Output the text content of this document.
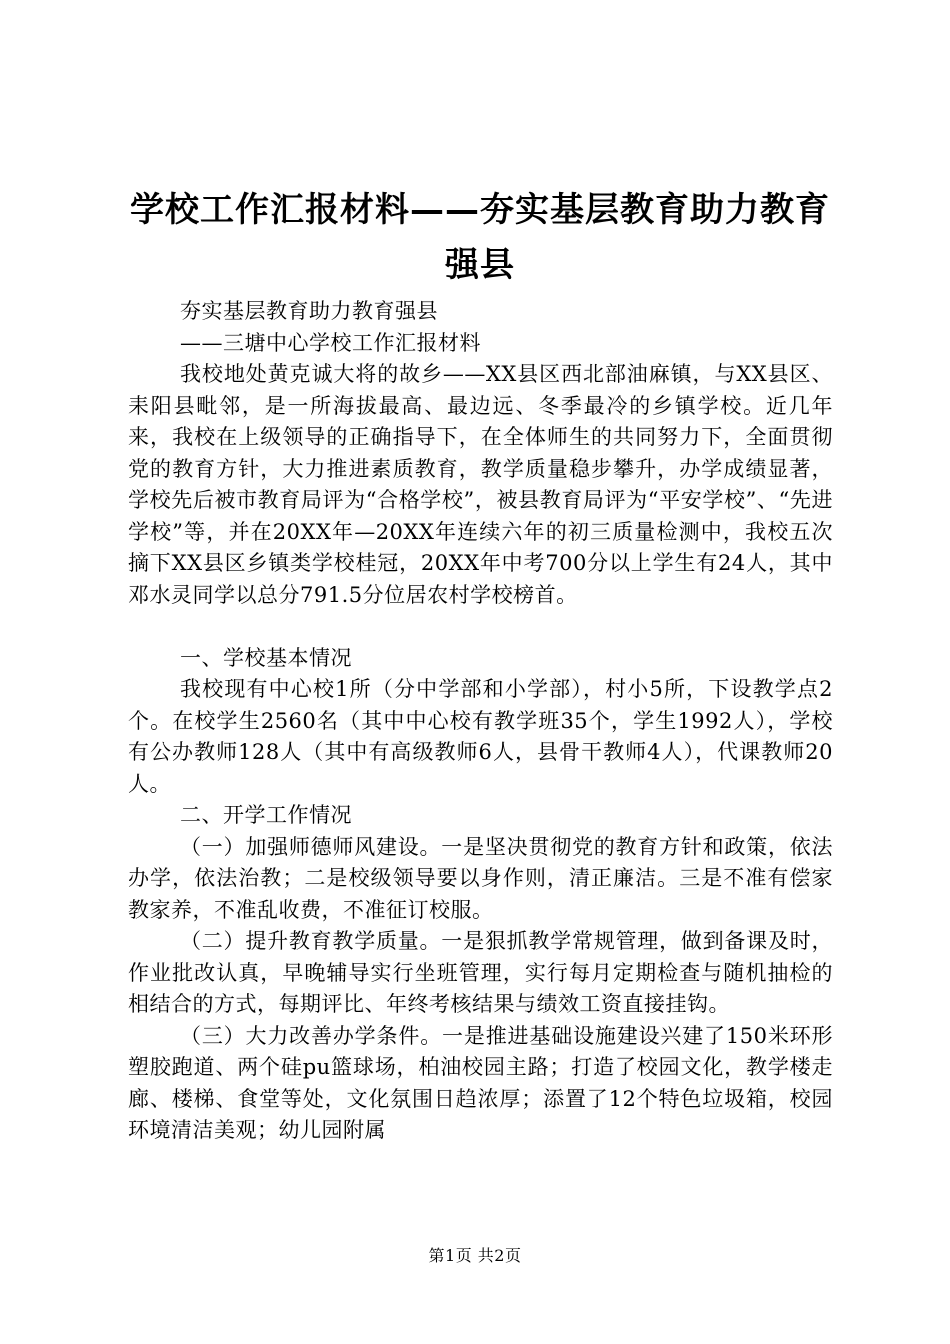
学校工作汇报材料——夯实基层教育助力教育
强县

夯实基层教育助力教育强县

——三塘中心学校工作汇报材料

我校地处黄克诚大将的故乡——XX县区西北部油麻镇，与XX县区、耒阳县毗邻，是一所海拔最高、最边远、冬季最冷的乡镇学校。近几年来，我校在上级领导的正确指导下，在全体师生的共同努力下，全面贯彻党的教育方针，大力推进素质教育，教学质量稳步攀升，办学成绩显著，学校先后被市教育局评为“合格学校”，被县教育局评为“平安学校”、“先进学校”等，并在20XX年—20XX年连续六年的初三质量检测中，我校五次摘下XX县区乡镇类学校桂冠，20XX年中考700分以上学生有24人，其中邓水灵同学以总分791.5分位居农村学校榜首。

一、学校基本情况

我校现有中心校1所（分中学部和小学部），村小5所，下设教学点2个。在校学生2560名（其中中心校有教学班35个，学生1992人），学校有公办教师128人（其中有高级教师6人，县骨干教师4人），代课教师20人。

二、开学工作情况

（一）加强师德师风建设。一是坚决贯彻党的教育方针和政策，依法办学，依法治教；二是校级领导要以身作则，清正廉洁。三是不准有偿家教家养，不准乱收费，不准征订校服。

（二）提升教育教学质量。一是狠抓教学常规管理，做到备课及时，作业批改认真，早晚辅导实行坐班管理，实行每月定期检查与随机抽检的相结合的方式，每期评比、年终考核结果与绩效工资直接挂钩。

（三）大力改善办学条件。一是推进基础设施建设兴建了150米环形塑胶跑道、两个硅pu篮球场，柏油校园主路；打造了校园文化，教学楼走廊、楼梯、食堂等处，文化氛围日趋浓厚；添置了12个特色垃圾箱，校园环境清洁美观；幼儿园附属

第1页 共2页
